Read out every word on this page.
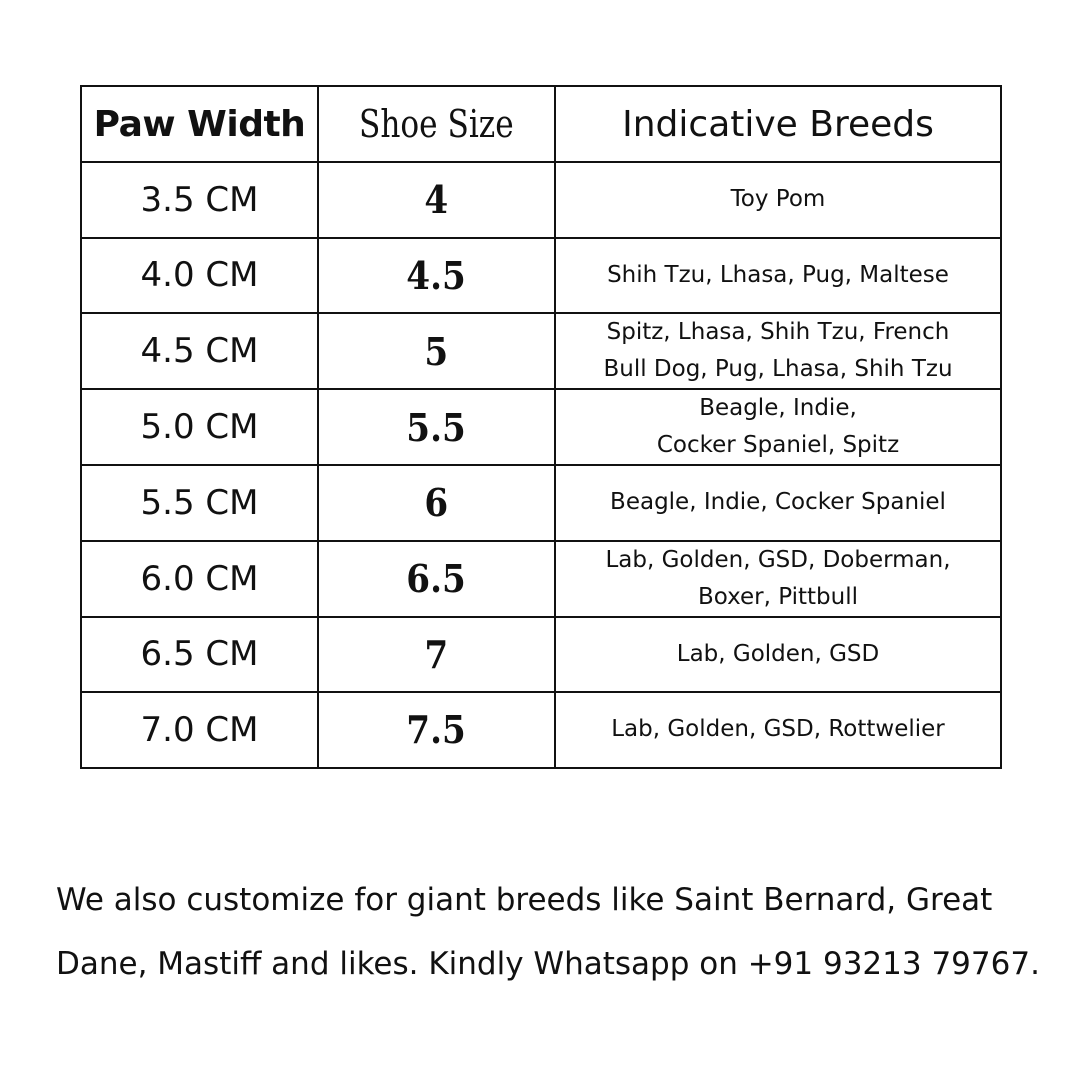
Paw Width	Shoe Size	Indicative Breeds
3.5 CM	4	Toy Pom
4.0 CM	4.5	Shih Tzu, Lhasa, Pug, Maltese
4.5 CM	5	Spitz, Lhasa, Shih Tzu, French
Bull Dog, Pug, Lhasa, Shih Tzu
5.0 CM	5.5	Beagle, Indie,
Cocker Spaniel, Spitz
5.5 CM	6	Beagle, Indie, Cocker Spaniel
6.0 CM	6.5	Lab, Golden, GSD, Doberman,
Boxer, Pittbull
6.5 CM	7	Lab, Golden, GSD
7.0 CM	7.5	Lab, Golden, GSD, Rottwelier

We also customize for giant breeds like Saint Bernard, Great Dane, Mastiff and likes. Kindly Whatsapp on +91 93213 79767.
